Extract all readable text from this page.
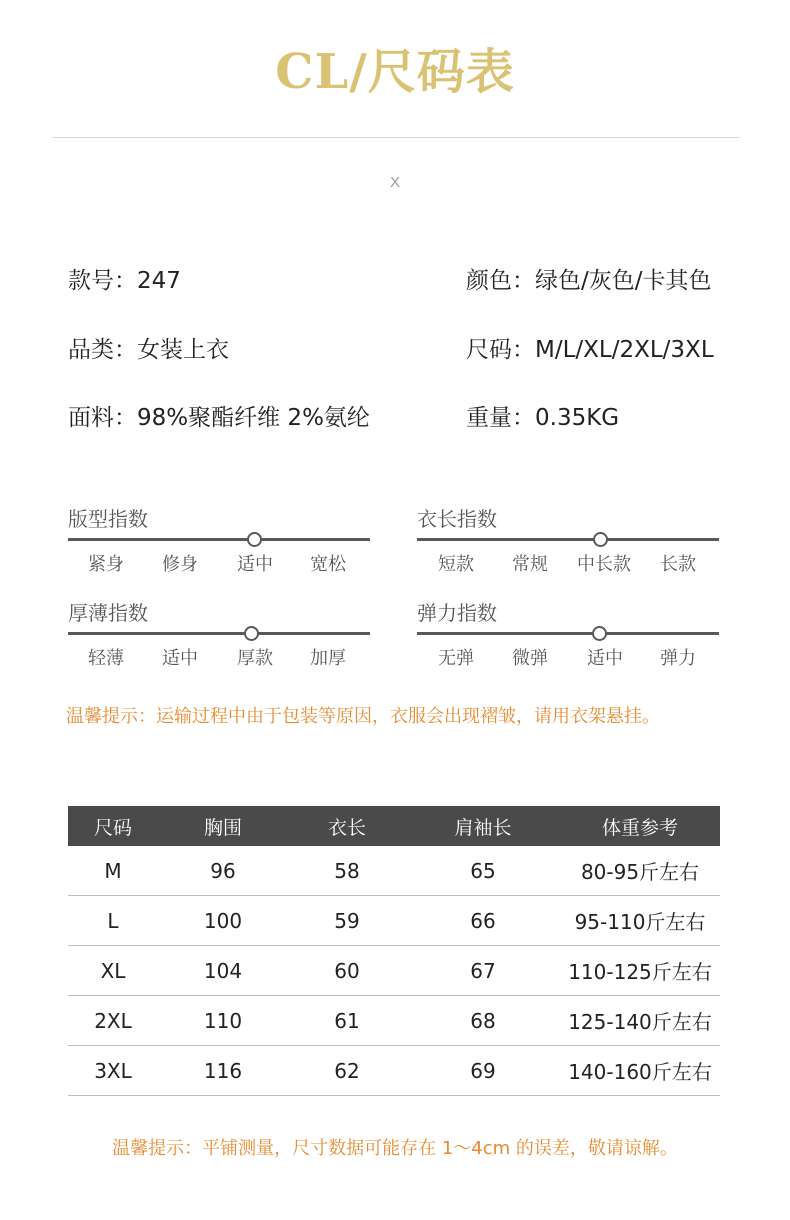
CL/尺码表
X
款号：247	颜色：绿色/灰色/卡其色
品类：女装上衣	尺码：M/L/XL/2XL/3XL
面料：98%聚酯纤维 2%氨纶	重量：0.35KG
版型指数
紧身	修身	适中	宽松
衣长指数
短款	常规	中长款	长款
厚薄指数
轻薄	适中	厚款	加厚
弹力指数
无弹	微弹	适中	弹力
温馨提示：运输过程中由于包装等原因，衣服会出现褶皱，请用衣架悬挂。
尺码	胸围	衣长	肩袖长	体重参考
M	96	58	65	80-95斤左右
L	100	59	66	95-110斤左右
XL	104	60	67	110-125斤左右
2XL	110	61	68	125-140斤左右
3XL	116	62	69	140-160斤左右
温馨提示：平铺测量，尺寸数据可能存在 1～4cm 的误差，敬请谅解。
